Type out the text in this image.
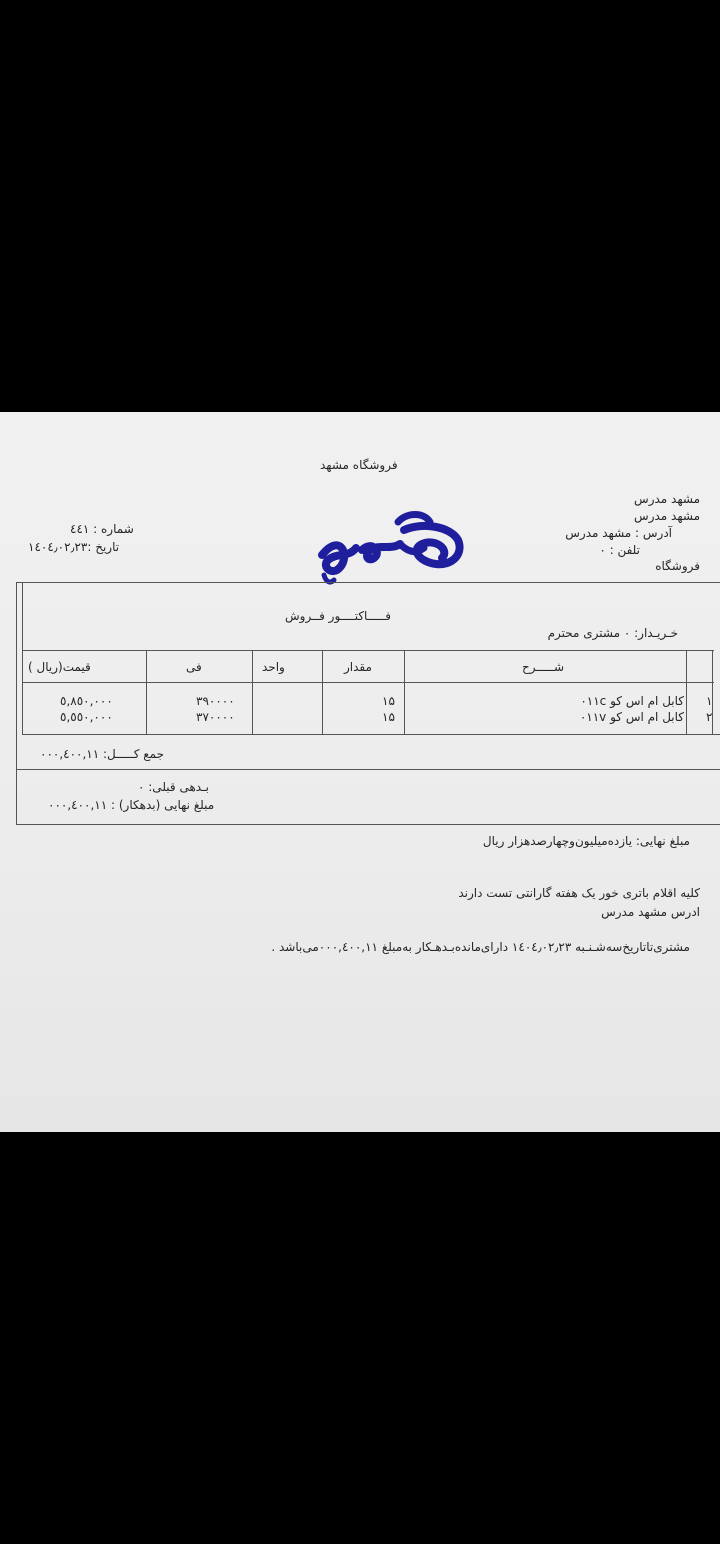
فروشگاه مشهد
مشهد مدرس
مشهد مدرس
آدرس : مشهد مدرس
تلفن : ۰
فروشگاه
شماره : ٤٤١
تاریخ :۱٤۰٤٫۰۲٫۲۳
فـــــاکتــــور فــروش
خـریـدار: ۰ مشتری محترم
شـــــرح
مقدار
واحد
فی
قیمت(ریال )
۱
کابل ام اس کو ۰۱۱c
۱۵
۳۹۰۰۰۰
٥,٨٥٠,۰۰۰
۲
کابل ام اس کو ۰۱۱v
۱۵
۳۷۰۰۰۰
٥,٥٥٠,۰۰۰
جمع کـــــل: ۰۰۰,٤۰۰,۱۱
بـدهی قبلی: ۰
مبلغ نهایی (بدهکار) : ۰۰۰,٤۰۰,۱۱
مبلغ نهایی: یازده‌میلیون‌وچهارصدهزار ریال
کلیه اقلام باتری خور یک هفته گارانتی تست دارند
ادرس مشهد مدرس
مشتری‌تاتاریخ‌سه‌شـنـبه ۱٤۰٤٫۰۲٫۲۳ دارای‌مانده‌بـدهـکار به‌مبلغ ۰۰۰,٤۰۰,۱۱می‌باشد .
